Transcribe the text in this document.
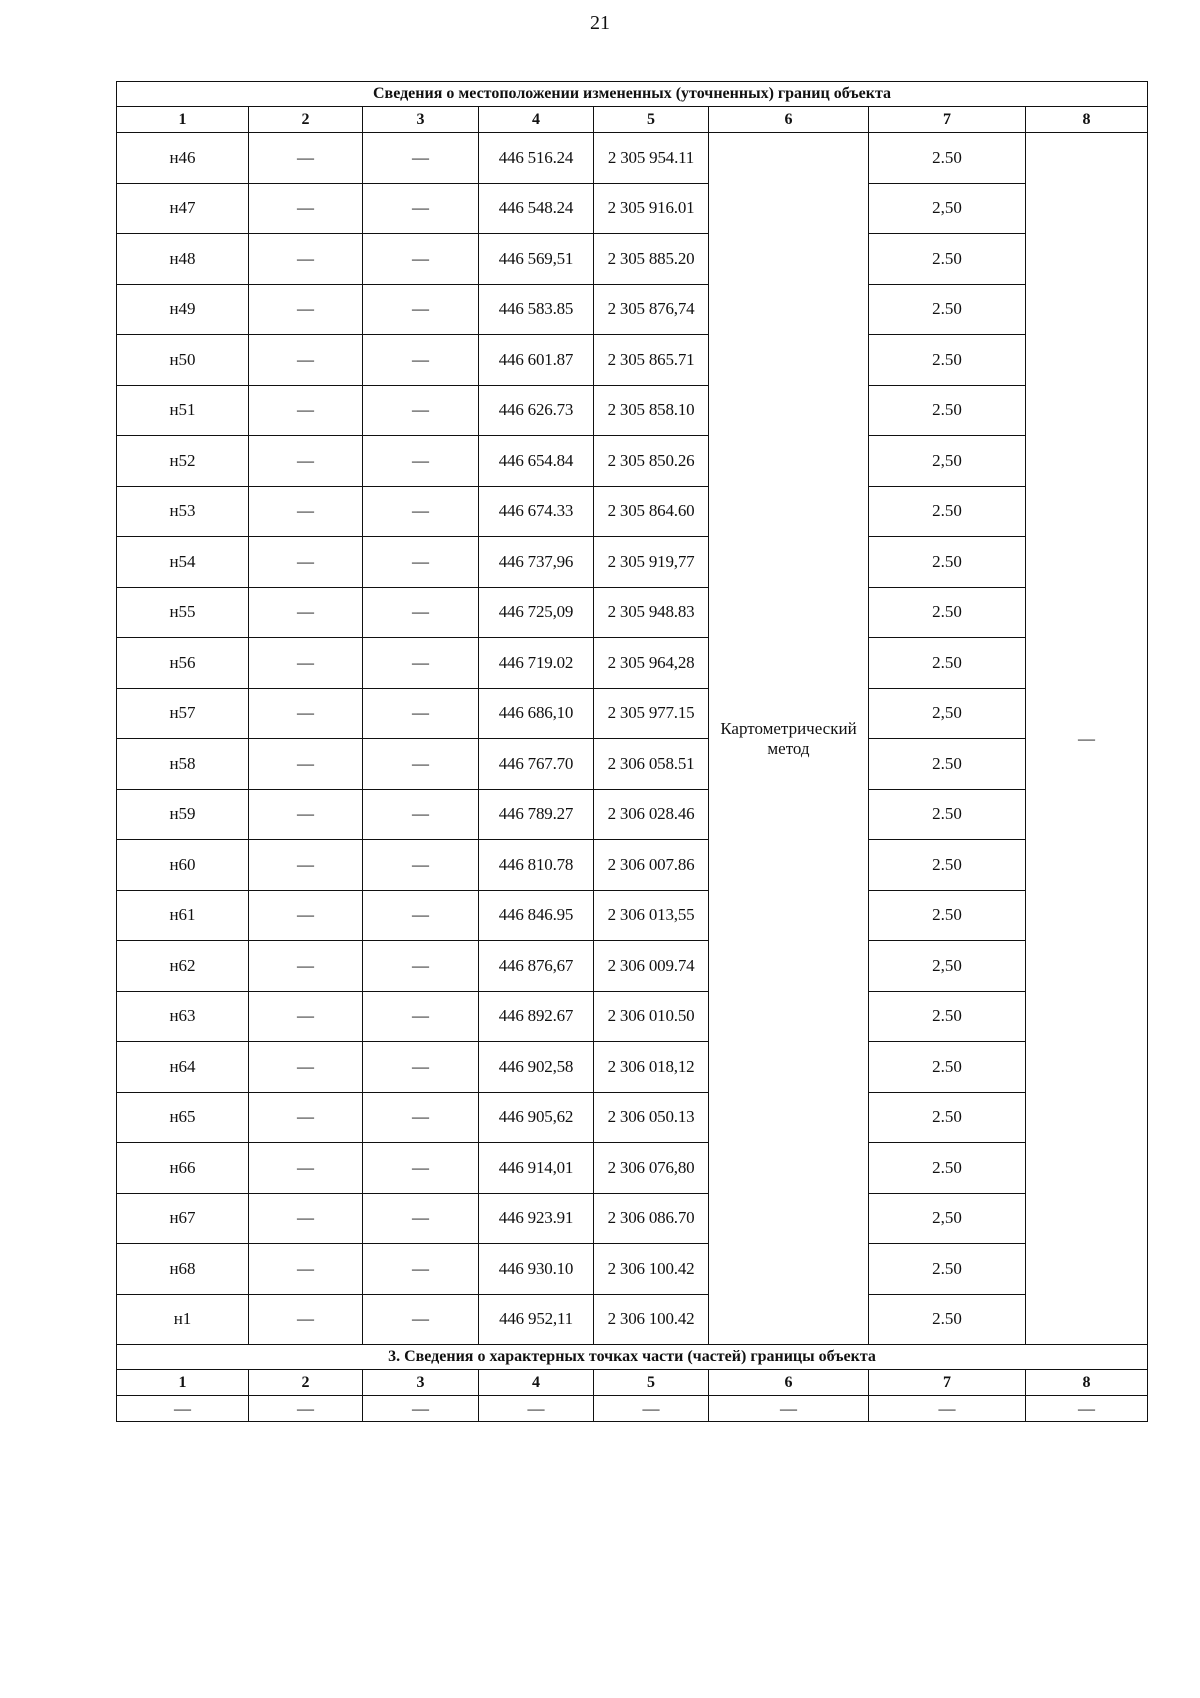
21
Сведения о местоположении измененных (уточненных) границ объекта							
1	2	3	4	5	6	7	8
н46	—	—	446 516.24	2 305 954.11	Картометрический метод	2.50	—
н47	—	—	446 548.24	2 305 916.01		2,50	
н48	—	—	446 569,51	2 305 885.20		2.50	
н49	—	—	446 583.85	2 305 876,74		2.50	
н50	—	—	446 601.87	2 305 865.71		2.50	
н51	—	—	446 626.73	2 305 858.10		2.50	
н52	—	—	446 654.84	2 305 850.26		2,50	
н53	—	—	446 674.33	2 305 864.60		2.50	
н54	—	—	446 737,96	2 305 919,77		2.50	
н55	—	—	446 725,09	2 305 948.83		2.50	
н56	—	—	446 719.02	2 305 964,28		2.50	
н57	—	—	446 686,10	2 305 977.15		2,50	
н58	—	—	446 767.70	2 306 058.51		2.50	
н59	—	—	446 789.27	2 306 028.46		2.50	
н60	—	—	446 810.78	2 306 007.86		2.50	
н61	—	—	446 846.95	2 306 013,55		2.50	
н62	—	—	446 876,67	2 306 009.74		2,50	
н63	—	—	446 892.67	2 306 010.50		2.50	
н64	—	—	446 902,58	2 306 018,12		2.50	
н65	—	—	446 905,62	2 306 050.13		2.50	
н66	—	—	446 914,01	2 306 076,80		2.50	
н67	—	—	446 923.91	2 306 086.70		2,50	
н68	—	—	446 930.10	2 306 100.42		2.50	
н1	—	—	446 952,11	2 306 100.42		2.50	
3. Сведения о характерных точках части (частей) границы объекта							
1	2	3	4	5	6	7	8
—	—	—	—	—	—	—	—
